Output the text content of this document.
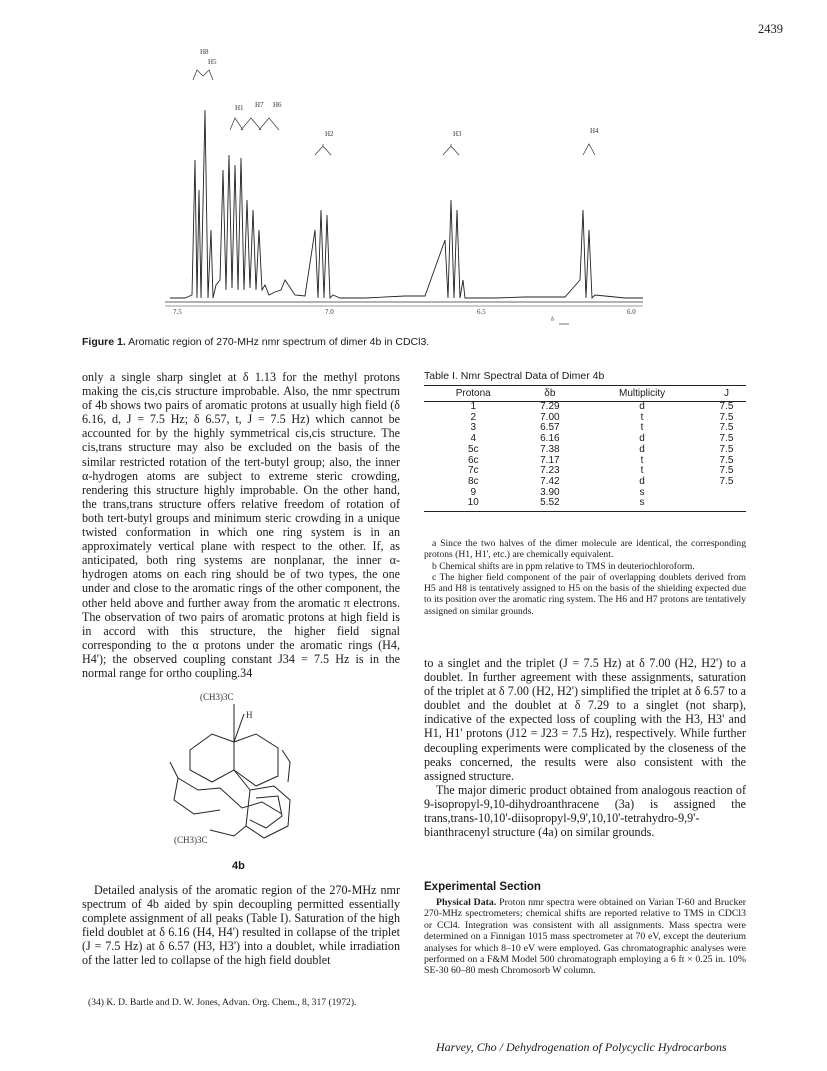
2439
H8
H5
H1 H7 H6
H2	H3	H4
7.5	7.0	6.5	6.0
δ
Figure 1. Aromatic region of 270-MHz nmr spectrum of dimer 4b in CDCl3.

only a single sharp singlet at δ 1.13 for the methyl protons making the cis,cis structure improbable. Also, the nmr spectrum of 4b shows two pairs of aromatic protons at usually high field (δ 6.16, d, J = 7.5 Hz; δ 6.57, t, J = 7.5 Hz) which cannot be accounted for by the highly symmetrical cis,cis structure. The cis,trans structure may also be excluded on the basis of the similar restricted rotation of the tert-butyl group; also, the inner α-hydrogen atoms are subject to extreme steric crowding, rendering this structure highly improbable. On the other hand, the trans,trans structure offers relative freedom of rotation of both tert-butyl groups and minimum steric crowding in a unique twisted conformation in which one ring system is in an approximately vertical plane with respect to the other. If, as anticipated, both ring systems are nonplanar, the inner α-hydrogen atoms on each ring should be of two types, the one under and close to the aromatic rings of the other component, the other held above and further away from the aromatic π electrons. The observation of two pairs of aromatic protons at high field is in accord with this structure, the higher field signal corresponding to the α protons under the aromatic rings (H4, H4'); the observed coupling constant J34 = 7.5 Hz is in the normal range for ortho coupling.34

(CH3)3C
H
(CH3)3C
4b

Detailed analysis of the aromatic region of the 270-MHz nmr spectrum of 4b aided by spin decoupling permitted essentially complete assignment of all peaks (Table I). Saturation of the high field doublet at δ 6.16 (H4, H4') resulted in collapse of the triplet (J = 7.5 Hz) at δ 6.57 (H3, H3') into a doublet, while irradiation of the latter led to collapse of the high field doublet

(34) K. D. Bartle and D. W. Jones, Advan. Org. Chem., 8, 317 (1972).
Table I. Nmr Spectral Data of Dimer 4b
Protona	δb	Multiplicity	J
1	7.29	d	7.5
2	7.00	t	7.5
3	6.57	t	7.5
4	6.16	d	7.5
5c	7.38	d	7.5
6c	7.17	t	7.5
7c	7.23	t	7.5
8c	7.42	d	7.5
9	3.90	s	
10	5.52	s	

a Since the two halves of the dimer molecule are identical, the corresponding protons (H1, H1', etc.) are chemically equivalent.

b Chemical shifts are in ppm relative to TMS in deuteriochloroform.

c The higher field component of the pair of overlapping doublets derived from H5 and H8 is tentatively assigned to H5 on the basis of the shielding expected due to its position over the aromatic ring system. The H6 and H7 protons are tentatively assigned on similar grounds.

to a singlet and the triplet (J = 7.5 Hz) at δ 7.00 (H2, H2') to a doublet. In further agreement with these assignments, saturation of the triplet at δ 7.00 (H2, H2') simplified the triplet at δ 6.57 to a doublet and the doublet at δ 7.29 to a singlet (not sharp), indicative of the expected loss of coupling with the H3, H3' and H1, H1' protons (J12 = J23 = 7.5 Hz), respectively. While further decoupling experiments were complicated by the closeness of the peaks concerned, the results were also consistent with the assigned structure.

The major dimeric product obtained from analogous reaction of 9-isopropyl-9,10-dihydroanthracene (3a) is assigned the trans,trans-10,10'-diisopropyl-9,9',10,10'-tetrahydro-9,9'-bianthracenyl structure (4a) on similar grounds.

Experimental Section
Physical Data. Proton nmr spectra were obtained on Varian T-60 and Brucker 270-MHz spectrometers; chemical shifts are reported relative to TMS in CDCl3 or CCl4. Integration was consistent with all assignments. Mass spectra were determined on a Finnigan 1015 mass spectrometer at 70 eV, except the deuterium analyses for which 8–10 eV were employed. Gas chromatographic analyses were performed on a F&M Model 500 chromatograph employing a 6 ft × 0.25 in. 10% SE-30 60–80 mesh Chromosorb W column.
Harvey, Cho / Dehydrogenation of Polycyclic Hydrocarbons
